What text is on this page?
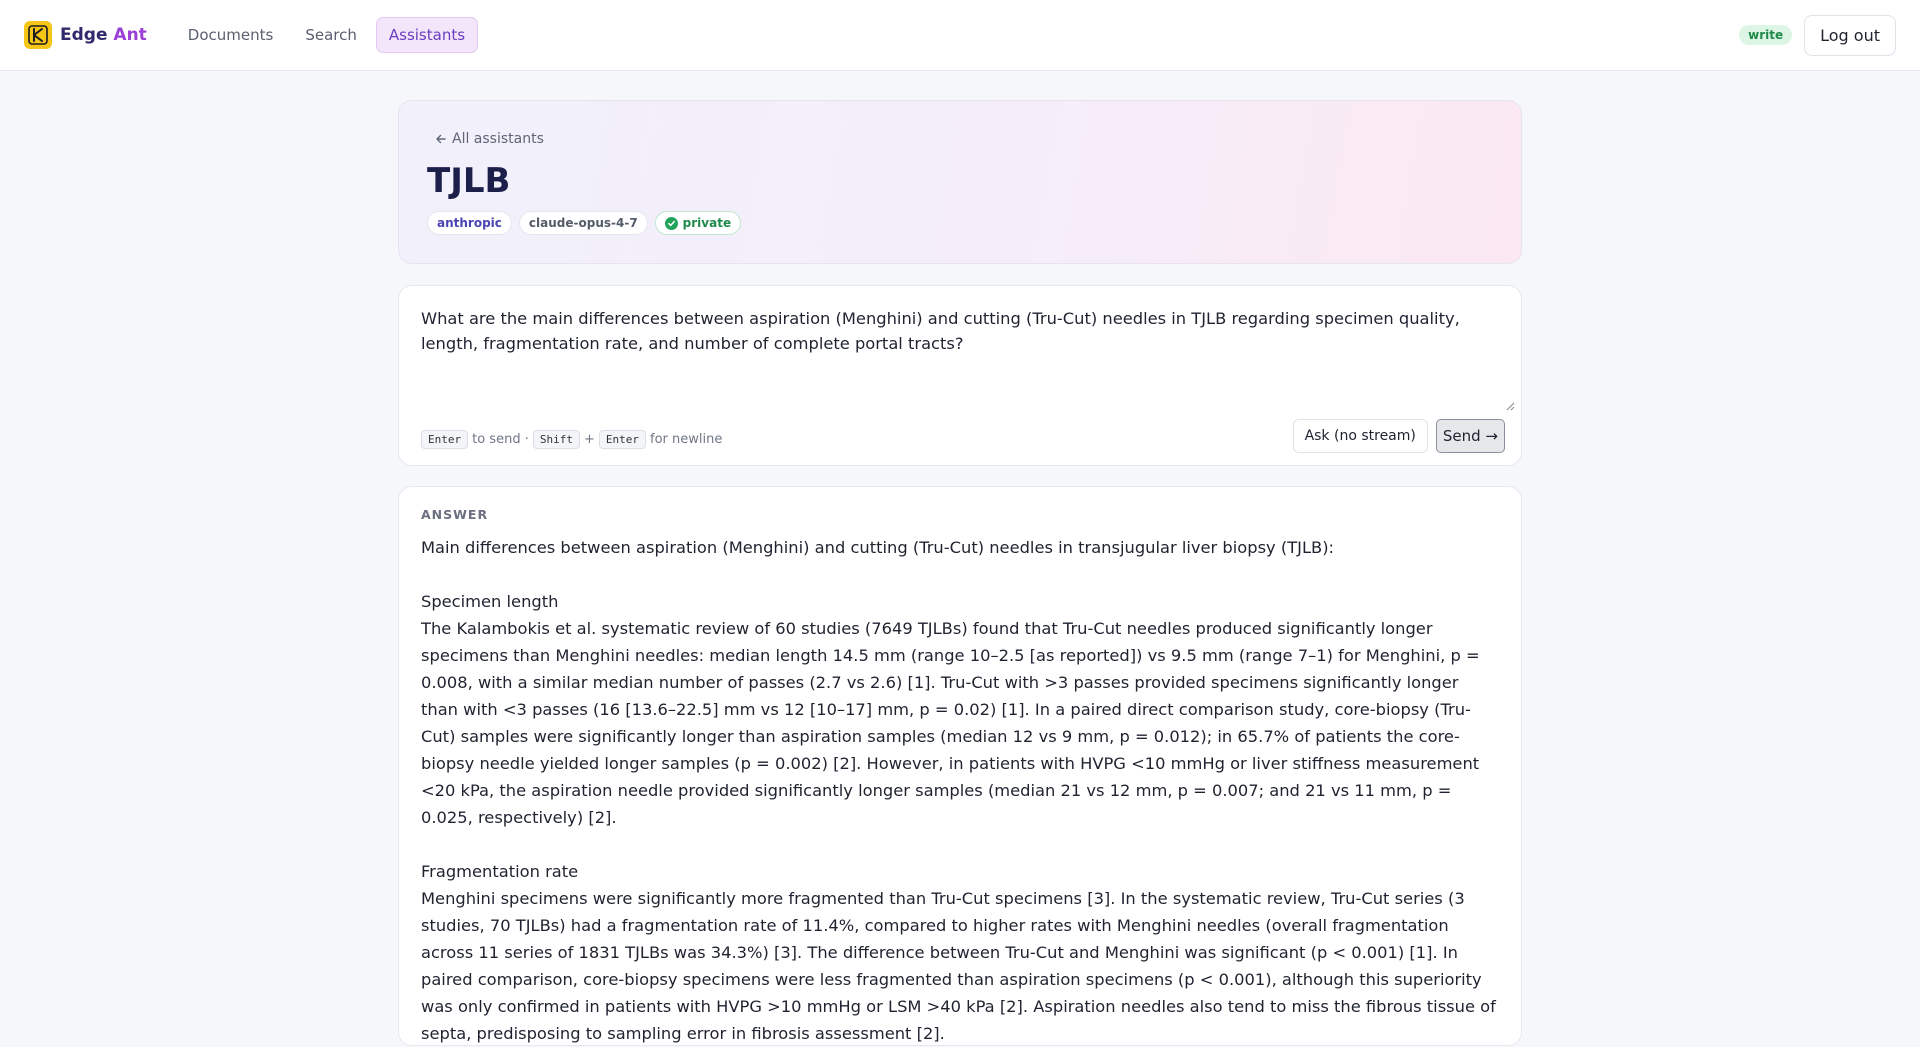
Edge Ant	Documents	Search	Assistants	write	Log out
All assistants
TJLB
anthropic	claude-opus-4-7	private
What are the main differences between aspiration (Menghini) and cutting (Tru-Cut) needles in TJLB regarding specimen quality, length, fragmentation rate, and number of complete portal tracts?
Enter to send ·	Shift +	Enter for newline	Ask (no stream)	Send →
ANSWER

Main differences between aspiration (Menghini) and cutting (Tru-Cut) needles in transjugular liver biopsy (TJLB):

Specimen length

The Kalambokis et al. systematic review of 60 studies (7649 TJLBs) found that Tru-Cut needles produced significantly longer specimens than Menghini needles: median length 14.5 mm (range 10–2.5 [as reported]) vs 9.5 mm (range 7–1) for Menghini, p = 0.008, with a similar median number of passes (2.7 vs 2.6) [1]. Tru-Cut with >3 passes provided specimens significantly longer than with <3 passes (16 [13.6–22.5] mm vs 12 [10–17] mm, p = 0.02) [1]. In a paired direct comparison study, core-biopsy (Tru-Cut) samples were significantly longer than aspiration samples (median 12 vs 9 mm, p = 0.012); in 65.7% of patients the core-biopsy needle yielded longer samples (p = 0.002) [2]. However, in patients with HVPG <10 mmHg or liver stiffness measurement <20 kPa, the aspiration needle provided significantly longer samples (median 21 vs 12 mm, p = 0.007; and 21 vs 11 mm, p = 0.025, respectively) [2].

Fragmentation rate

Menghini specimens were significantly more fragmented than Tru-Cut specimens [3]. In the systematic review, Tru-Cut series (3 studies, 70 TJLBs) had a fragmentation rate of 11.4%, compared to higher rates with Menghini needles (overall fragmentation across 11 series of 1831 TJLBs was 34.3%) [3]. The difference between Tru-Cut and Menghini was significant (p < 0.001) [1]. In paired comparison, core-biopsy specimens were less fragmented than aspiration specimens (p < 0.001), although this superiority was only confirmed in patients with HVPG >10 mmHg or LSM >40 kPa [2]. Aspiration needles also tend to miss the fibrous tissue of septa, predisposing to sampling error in fibrosis assessment [2].
